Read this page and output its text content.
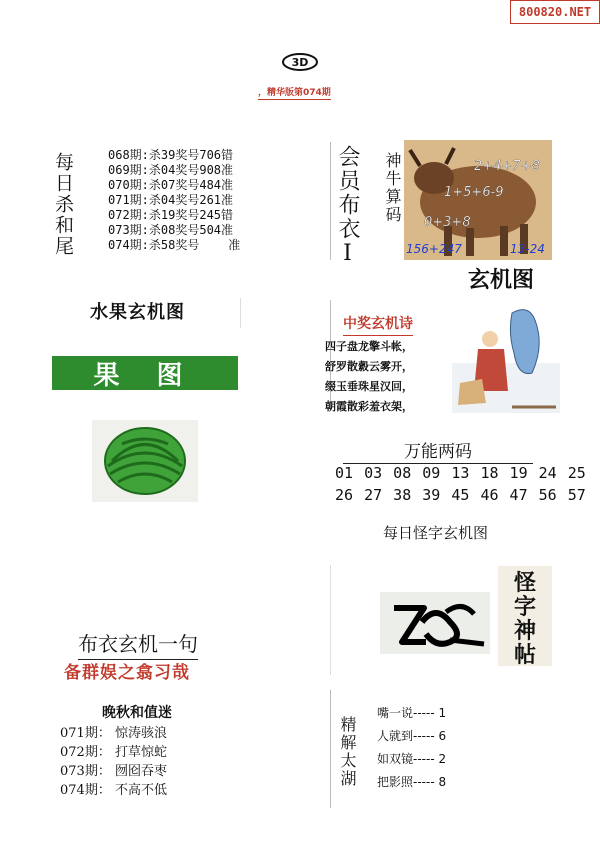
800820.NET
3D
，精华版第074期
每日杀和尾	068期:杀39奖号706错
069期:杀04奖号908准
070期:杀07奖号484准
071期:杀04奖号261准
072期:杀19奖号245错
073期:杀08奖号504准
074期:杀58奖号    准
水果玄机图
果 图
会员布衣Ⅰ 神牛算码	2+4+7+8
1+5+6-9
0+3+8
156+247	13-24
玄机图
中奖玄机诗
四子盘龙擎斗帐，
舒罗散縠云雾开，
缀玉垂珠星汉回，
朝霞散彩羞衣架，
万能两码
01 03 08 09 13 18 19 24 25
26 27 38 39 45 46 47 56 57
每日怪字玄机图
怪
字
神
帖
布衣玄机一句
备群娱之翕习哉
晚秋和值迷
071期： 惊涛骇浪
072期： 打草惊蛇
073期： 囫囵吞枣
074期： 不高不低
精解太湖
嘴一说----- 1
人就到----- 6
如双镜----- 2
把影照----- 8
